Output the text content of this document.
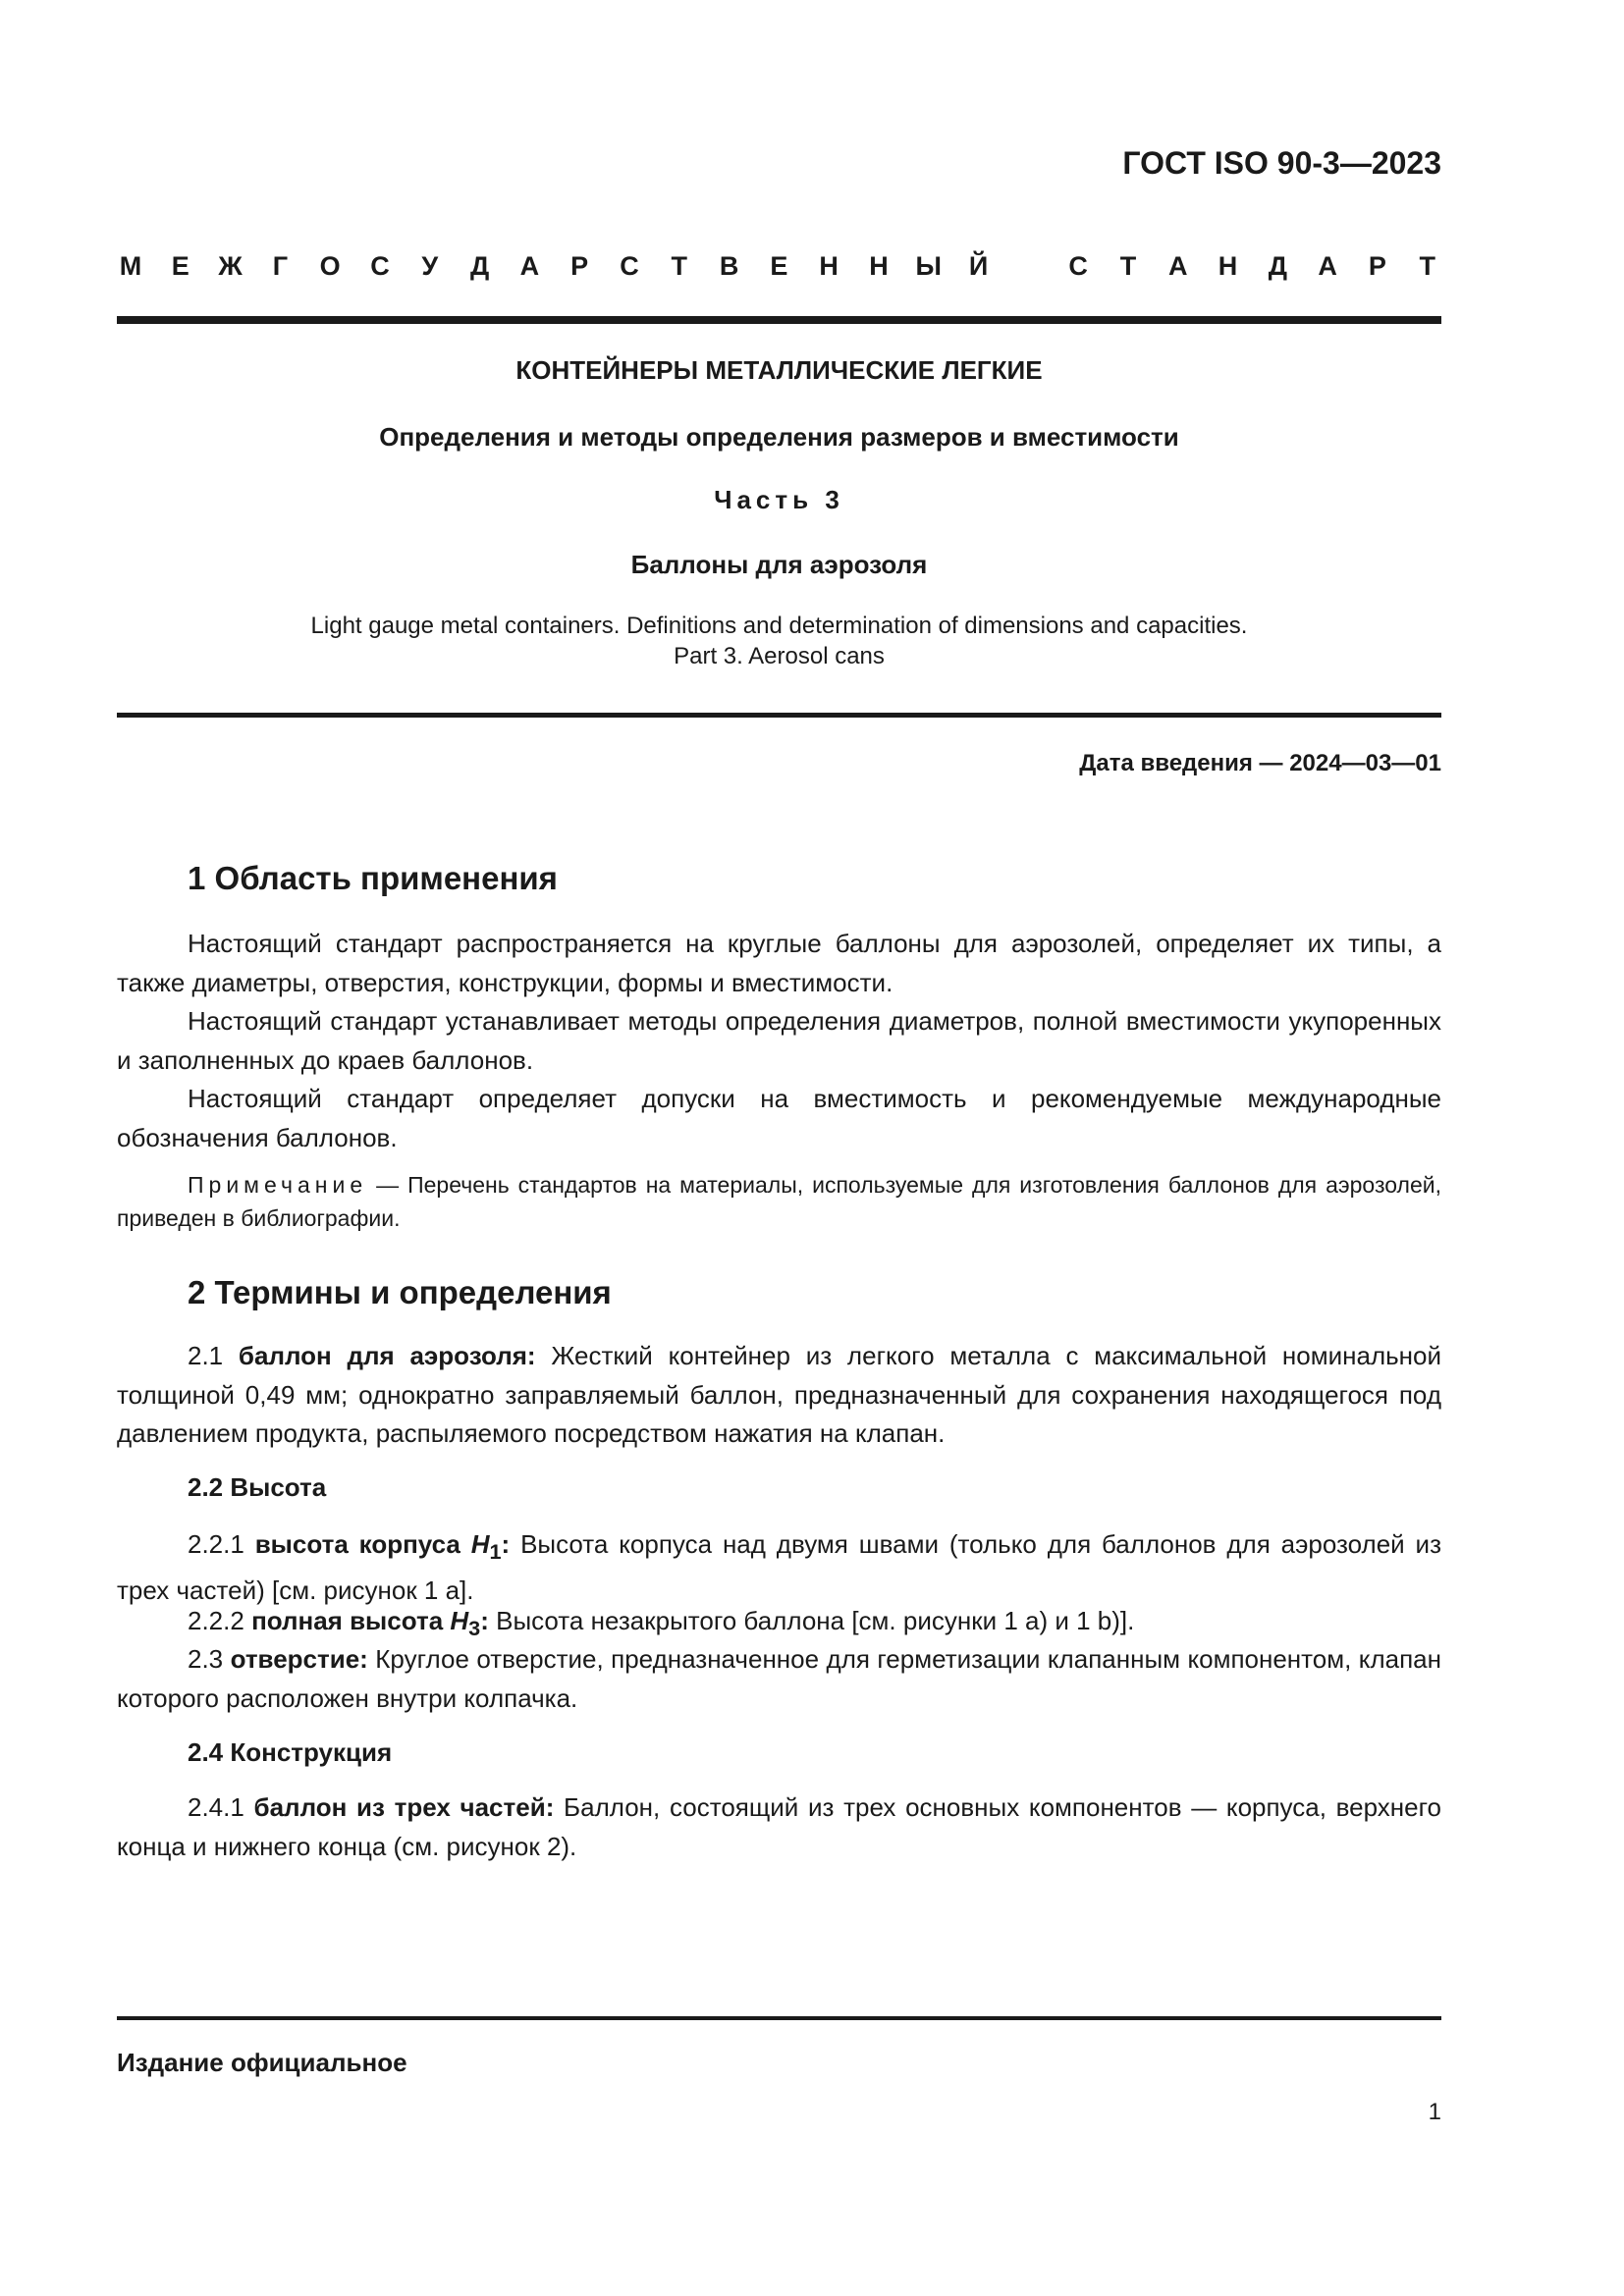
ГОСТ ISO 90-3—2023
М Е Ж Г О С У Д А Р С Т В Е Н Н Ы Й	С Т А Н Д А Р Т
КОНТЕЙНЕРЫ МЕТАЛЛИЧЕСКИЕ ЛЕГКИЕ
Определения и методы определения размеров и вместимости
Часть 3
Баллоны для аэрозоля
Light gauge metal containers. Definitions and determination of dimensions and capacities.
Part 3. Aerosol cans
Дата введения — 2024—03—01
1 Область применения

Настоящий стандарт распространяется на круглые баллоны для аэрозолей, определяет их типы, а также диаметры, отверстия, конструкции, формы и вместимости.

Настоящий стандарт устанавливает методы определения диаметров, полной вместимости укупоренных и заполненных до краев баллонов.

Настоящий стандарт определяет допуски на вместимость и рекомендуемые международные обозначения баллонов.

Примечание — Перечень стандартов на материалы, используемые для изготовления баллонов для аэрозолей, приведен в библиографии.
2 Термины и определения
2.1 баллон для аэрозоля: Жесткий контейнер из легкого металла с максимальной номинальной толщиной 0,49 мм; однократно заправляемый баллон, предназначенный для сохранения находящегося под давлением продукта, распыляемого посредством нажатия на клапан.
2.2 Высота
2.2.1 высота корпуса $H_1$: Высота корпуса над двумя швами (только для баллонов для аэрозолей из трех частей) [см. рисунок 1 а].
2.2.2 полная высота $H_3$: Высота незакрытого баллона [см. рисунки 1 а) и 1 b)].
2.3 отверстие: Круглое отверстие, предназначенное для герметизации клапанным компонентом, клапан которого расположен внутри колпачка.
2.4 Конструкция
2.4.1 баллон из трех частей: Баллон, состоящий из трех основных компонентов — корпуса, верхнего конца и нижнего конца (см. рисунок 2).
Издание официальное
1
